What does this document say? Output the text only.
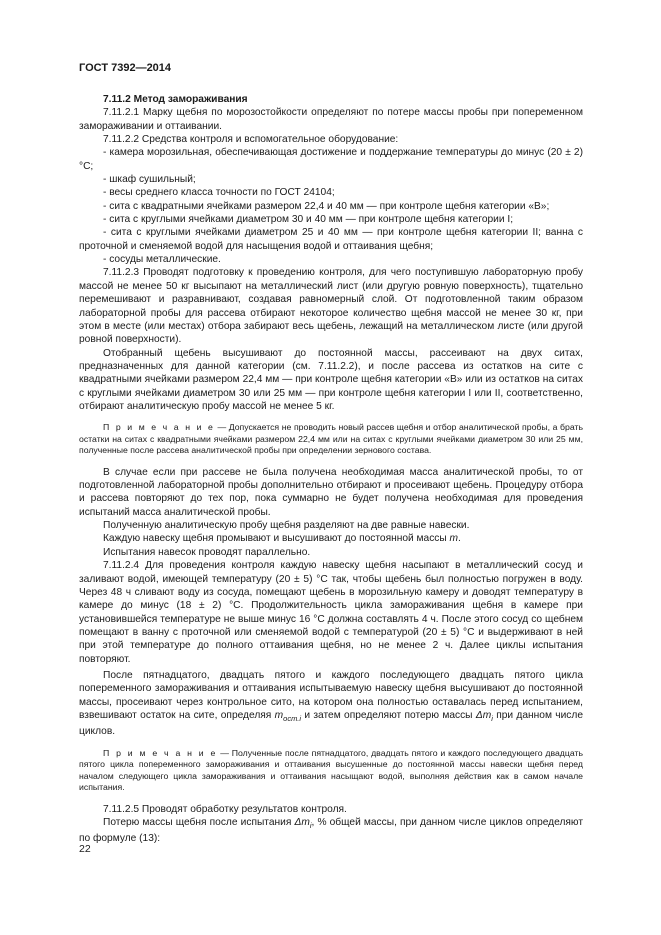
ГОСТ 7392—2014

7.11.2 Метод замораживания

7.11.2.1 Марку щебня по морозостойкости определяют по потере массы пробы при попеременном замораживании и оттаивании.

7.11.2.2 Средства контроля и вспомогательное оборудование:

- камера морозильная, обеспечивающая достижение и поддержание температуры до минус (20 ± 2) °С;

- шкаф сушильный;

- весы среднего класса точности по ГОСТ 24104;

- сита с квадратными ячейками размером 22,4 и 40 мм — при контроле щебня категории «В»;

- сита с круглыми ячейками диаметром 30 и 40 мм — при контроле щебня категории I;

- сита с круглыми ячейками диаметром 25 и 40 мм — при контроле щебня категории II; ванна с проточной и сменяемой водой для насыщения водой и оттаивания щебня;

- сосуды металлические.

7.11.2.3 Проводят подготовку к проведению контроля, для чего поступившую лабораторную пробу массой не менее 50 кг высыпают на металлический лист (или другую ровную поверхность), тщательно перемешивают и разравнивают, создавая равномерный слой. От подготовленной таким образом лабораторной пробы для рассева отбирают некоторое количество щебня массой не менее 30 кг, при этом в месте (или местах) отбора забирают весь щебень, лежащий на металлическом листе (или другой ровной поверхности).

Отобранный щебень высушивают до постоянной массы, рассеивают на двух ситах, предназначенных для данной категории (см. 7.11.2.2), и после рассева из остатков на сите с квадратными ячейками размером 22,4 мм — при контроле щебня категории «В» или из остатков на ситах с круглыми ячейками диаметром 30 или 25 мм — при контроле щебня категории I или II, соответственно, отбирают аналитическую пробу массой не менее 5 кг.

П р и м е ч а н и е — Допускается не проводить новый рассев щебня и отбор аналитической пробы, а брать остатки на ситах с квадратными ячейками размером 22,4 мм или на ситах с круглыми ячейками диаметром 30 или 25 мм, полученные после рассева аналитической пробы при определении зернового состава.

В случае если при рассеве не была получена необходимая масса аналитической пробы, то от подготовленной лабораторной пробы дополнительно отбирают и просеивают щебень. Процедуру отбора и рассева повторяют до тех пор, пока суммарно не будет получена необходимая для проведения испытаний масса аналитической пробы.

Полученную аналитическую пробу щебня разделяют на две равные навески.

Каждую навеску щебня промывают и высушивают до постоянной массы m.

Испытания навесок проводят параллельно.

7.11.2.4 Для проведения контроля каждую навеску щебня насыпают в металлический сосуд и заливают водой, имеющей температуру (20 ± 5) °С так, чтобы щебень был полностью погружен в воду. Через 48 ч сливают воду из сосуда, помещают щебень в морозильную камеру и доводят температуру в камере до минус (18 ± 2) °С. Продолжительность цикла замораживания щебня в камере при установившейся температуре не выше минус 16 °С должна составлять 4 ч. После этого сосуд со щебнем помещают в ванну с проточной или сменяемой водой с температурой (20 ± 5) °С и выдерживают в ней при этой температуре до полного оттаивания щебня, но не менее 2 ч. Далее циклы испытания повторяют.

После пятнадцатого, двадцать пятого и каждого последующего двадцать пятого цикла попеременного замораживания и оттаивания испытываемую навеску щебня высушивают до постоянной массы, просеивают через контрольное сито, на котором она полностью оставалась перед испытанием, взвешивают остаток на сите, определяя $m_{ост.i}$ и затем определяют потерю массы $\Delta m_i$ при данном числе циклов.

П р и м е ч а н и е — Полученные после пятнадцатого, двадцать пятого и каждого последующего двадцать пятого цикла попеременного замораживания и оттаивания высушенные до постоянной массы навески щебня перед началом следующего цикла замораживания и оттаивания насыщают водой, выполняя действия как в самом начале испытания.

7.11.2.5 Проводят обработку результатов контроля.

Потерю массы щебня после испытания $\Delta m_i$, % общей массы, при данном числе циклов определяют по формуле (13):

22
